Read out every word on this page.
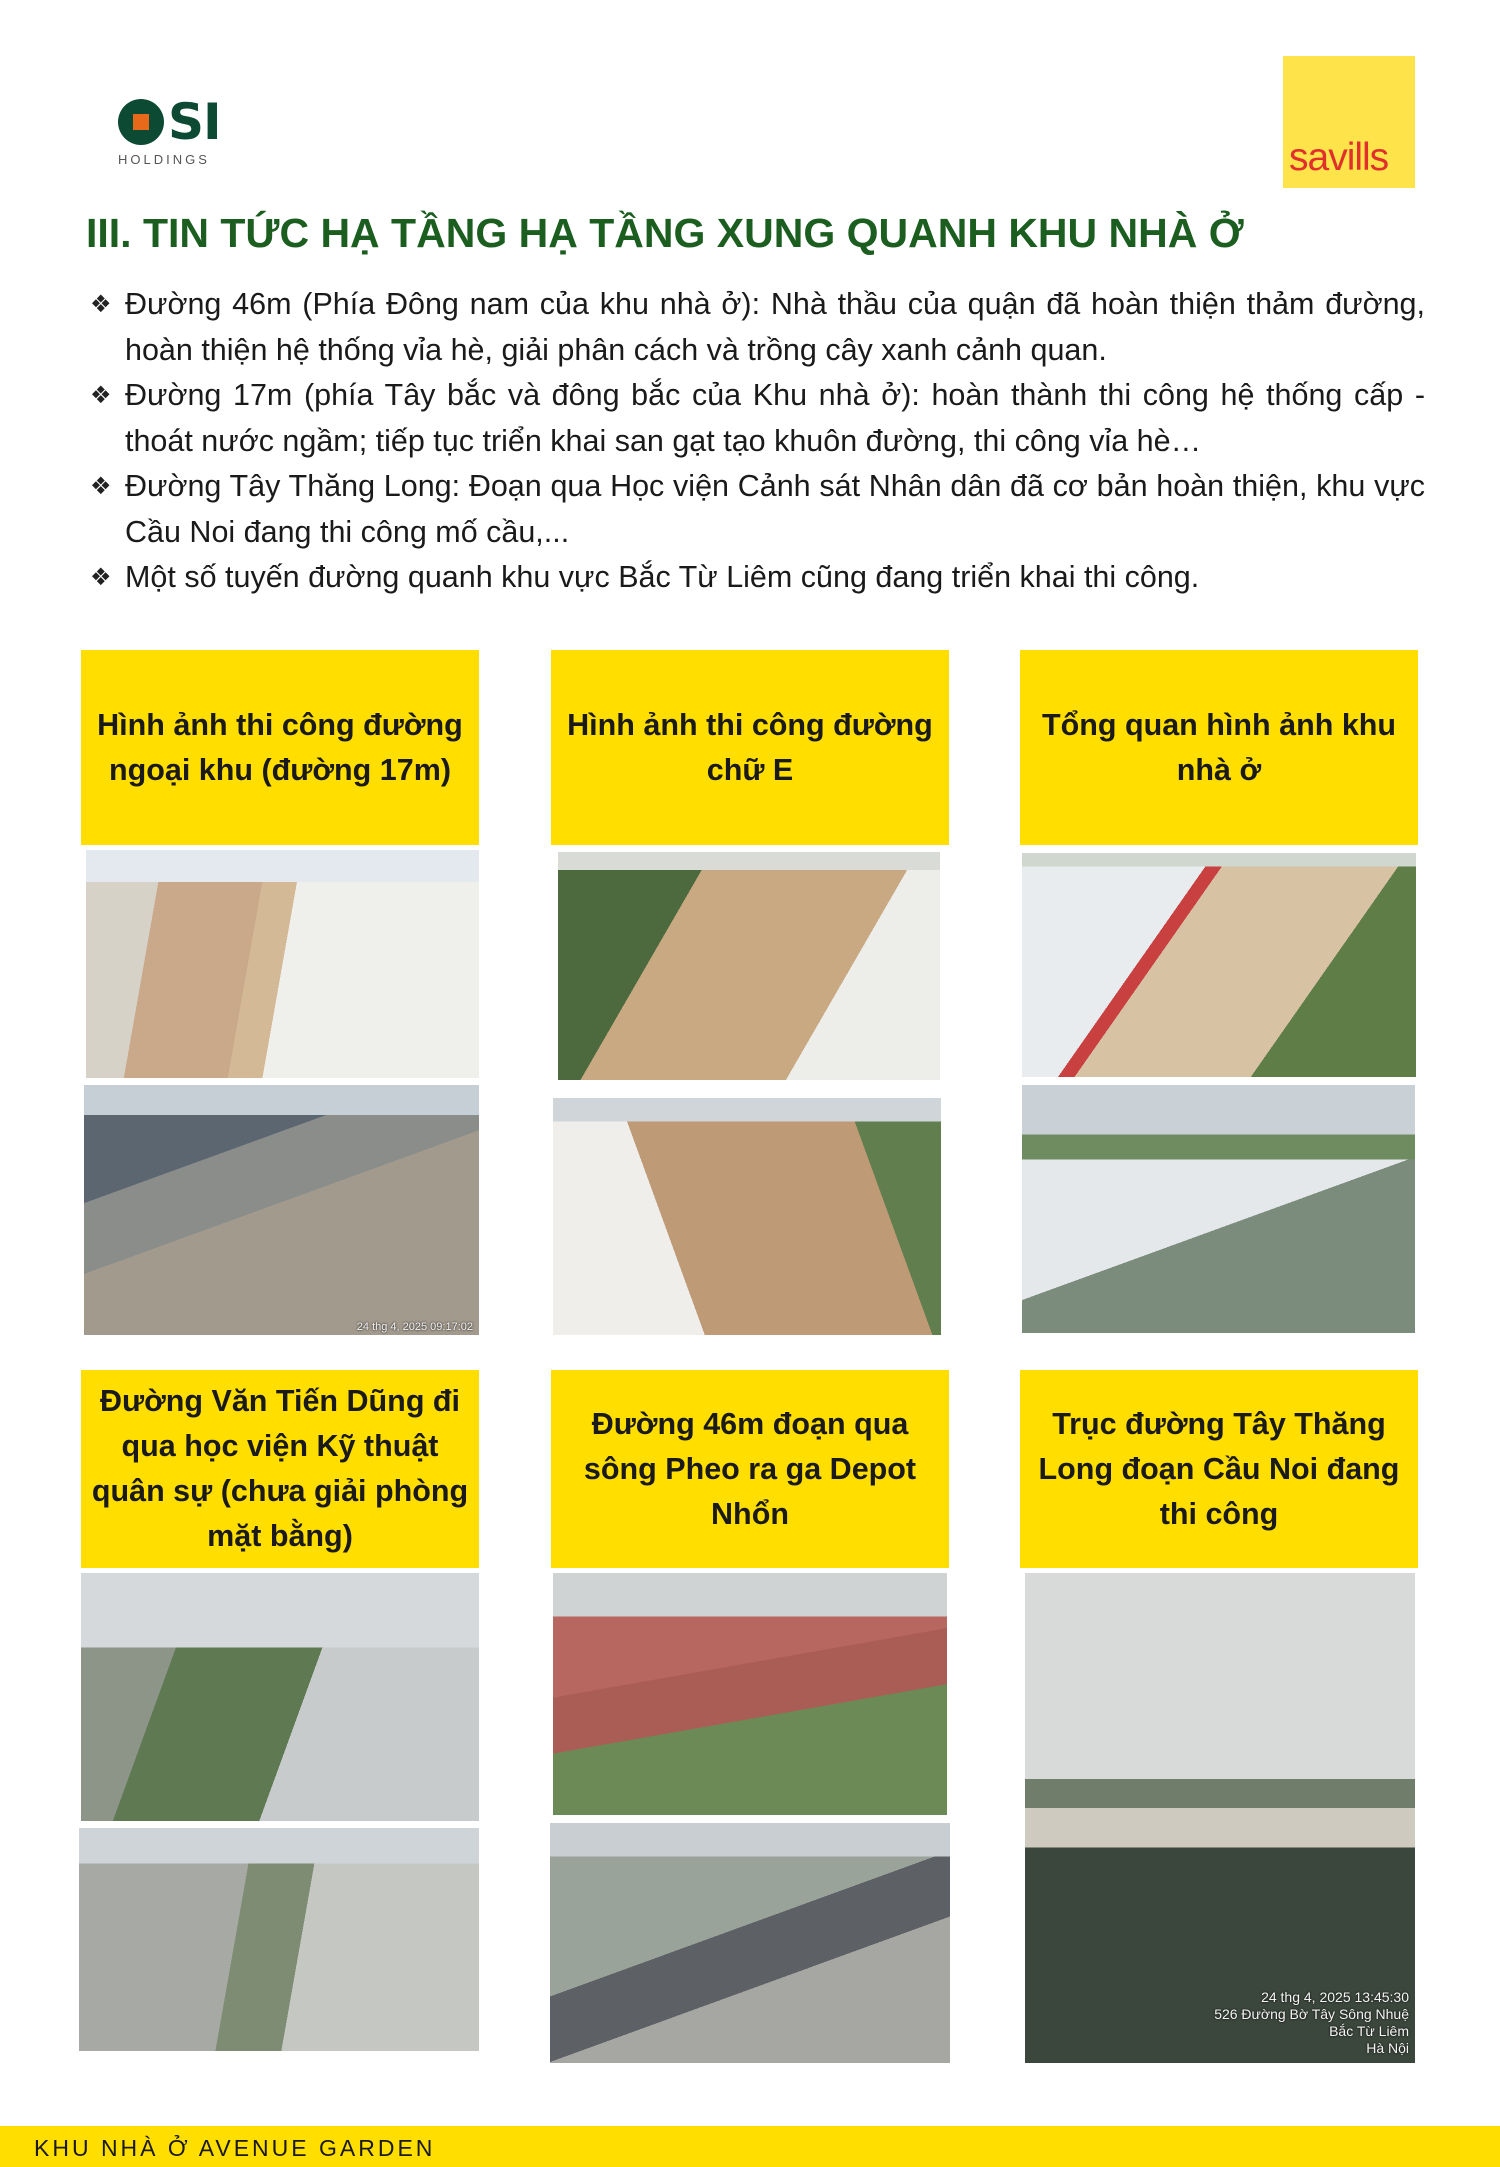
SI
HOLDINGS	savills
III. TIN TỨC HẠ TẦNG HẠ TẦNG XUNG QUANH KHU NHÀ Ở
❖ Đường 46m (Phía Đông nam của khu nhà ở): Nhà thầu của quận đã hoàn thiện thảm đường, hoàn thiện hệ thống vỉa hè, giải phân cách và trồng cây xanh cảnh quan.
❖ Đường 17m (phía Tây bắc và đông bắc của Khu nhà ở): hoàn thành thi công hệ thống cấp - thoát nước ngầm; tiếp tục triển khai san gạt tạo khuôn đường, thi công vỉa hè…
❖ Đường Tây Thăng Long: Đoạn qua Học viện Cảnh sát Nhân dân đã cơ bản hoàn thiện, khu vực Cầu Noi đang thi công mố cầu,...
❖ Một số tuyến đường quanh khu vực Bắc Từ Liêm cũng đang triển khai thi công.
Hình ảnh thi công đường ngoại khu (đường 17m)
24 thg 4, 2025 09:17:02
Hình ảnh thi công đường chữ E
Tổng quan hình ảnh khu nhà ở
Đường Văn Tiến Dũng đi qua học viện Kỹ thuật quân sự (chưa giải phòng mặt bằng)
Đường 46m đoạn qua sông Pheo ra ga Depot Nhổn
Trục đường Tây Thăng Long đoạn Cầu Noi đang thi công
24 thg 4, 2025 13:45:30
526 Đường Bờ Tây Sông Nhuệ
Bắc Từ Liêm
Hà Nội
KHU NHÀ Ở AVENUE GARDEN
